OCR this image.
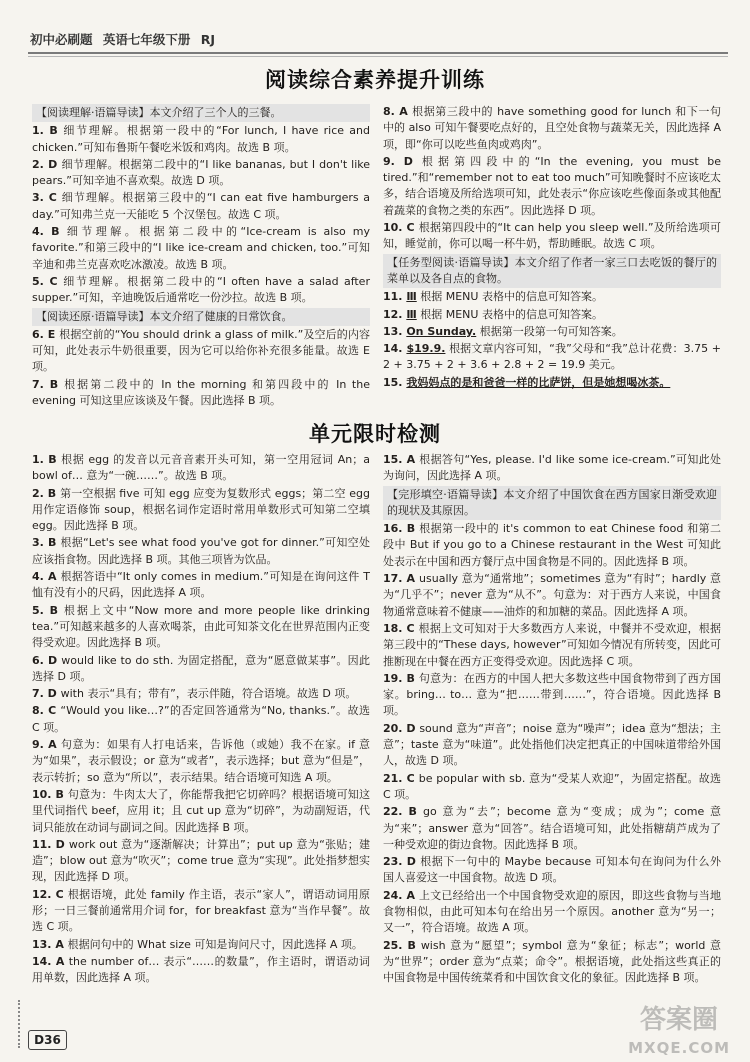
初中必刷题 英语七年级下册 RJ
阅读综合素养提升训练

【阅读理解·语篇导读】本文介绍了三个人的三餐。

1. B 细节理解。根据第一段中的“For lunch, I have rice and chicken.”可知布鲁斯午餐吃米饭和鸡肉。故选 B 项。

2. D 细节理解。根据第二段中的“I like bananas, but I don't like pears.”可知辛迪不喜欢梨。故选 D 项。

3. C 细节理解。根据第三段中的“I can eat five hamburgers a day.”可知弗兰克一天能吃 5 个汉堡包。故选 C 项。

4. B 细节理解。根据第二段中的“Ice-cream is also my favorite.”和第三段中的“I like ice-cream and chicken, too.”可知辛迪和弗兰克喜欢吃冰激凌。故选 B 项。

5. C 细节理解。根据第二段中的“I often have a salad after supper.”可知，辛迪晚饭后通常吃一份沙拉。故选 B 项。

【阅读还原·语篇导读】本文介绍了健康的日常饮食。

6. E 根据空前的“You should drink a glass of milk.”及空后的内容可知，此处表示牛奶很重要，因为它可以给你补充很多能量。故选 E 项。

7. B 根据第二段中的 In the morning 和第四段中的 In the evening 可知这里应该谈及午餐。因此选择 B 项。

8. A 根据第三段中的 have something good for lunch 和下一句中的 also 可知午餐要吃点好的，且空处食物与蔬菜无关，因此选择 A 项，即“你可以吃些鱼肉或鸡肉”。

9. D 根据第四段中的“In the evening, you must be tired.”和“remember not to eat too much”可知晚餐时不应该吃太多，结合语境及所给选项可知，此处表示“你应该吃些像面条或其他配着蔬菜的食物之类的东西”。因此选择 D 项。

10. C 根据第四段中的“It can help you sleep well.”及所给选项可知，睡觉前，你可以喝一杯牛奶，帮助睡眠。故选 C 项。

【任务型阅读·语篇导读】本文介绍了作者一家三口去吃饭的餐厅的菜单以及各自点的食物。

11. Ⅲ 根据 MENU 表格中的信息可知答案。

12. Ⅲ 根据 MENU 表格中的信息可知答案。

13. On Sunday. 根据第一段第一句可知答案。

14. $19.9. 根据文章内容可知，“我”父母和“我”总计花费：3.75 + 2 + 3.75 + 2 + 3.6 + 2.8 + 2 = 19.9 美元。

15. 我妈妈点的是和爸爸一样的比萨饼，但是她想喝冰茶。

单元限时检测

1. B 根据 egg 的发音以元音音素开头可知，第一空用冠词 An；a bowl of… 意为“一碗……”。故选 B 项。

2. B 第一空根据 five 可知 egg 应变为复数形式 eggs；第二空 egg 用作定语修饰 soup，根据名词作定语时常用单数形式可知第二空填 egg。因此选择 B 项。

3. B 根据“Let's see what food you've got for dinner.”可知空处应该指食物。因此选择 B 项。其他三项皆为饮品。

4. A 根据答语中“It only comes in medium.”可知是在询问这件 T 恤有没有小的尺码，因此选择 A 项。

5. B 根据上文中“Now more and more people like drinking tea.”可知越来越多的人喜欢喝茶，由此可知茶文化在世界范围内正变得受欢迎。因此选择 B 项。

6. D would like to do sth. 为固定搭配，意为“愿意做某事”。因此选择 D 项。

7. D with 表示“具有；带有”，表示伴随，符合语境。故选 D 项。

8. C “Would you like…?”的否定回答通常为“No, thanks.”。故选 C 项。

9. A 句意为：如果有人打电话来，告诉他（或她）我不在家。if 意为“如果”，表示假设；or 意为“或者”，表示选择；but 意为“但是”，表示转折；so 意为“所以”，表示结果。结合语境可知选 A 项。

10. B 句意为：牛肉太大了，你能帮我把它切碎吗？根据语境可知这里代词指代 beef，应用 it；且 cut up 意为“切碎”，为动副短语，代词只能放在动词与副词之间。因此选择 B 项。

11. D work out 意为“逐渐解决；计算出”；put up 意为“张贴；建造”；blow out 意为“吹灭”；come true 意为“实现”。此处指梦想实现，因此选择 D 项。

12. C 根据语境，此处 family 作主语，表示“家人”，谓语动词用原形；一日三餐前通常用介词 for，for breakfast 意为“当作早餐”。故选 C 项。

13. A 根据问句中的 What size 可知是询问尺寸，因此选择 A 项。

14. A the number of… 表示“……的数量”，作主语时，谓语动词用单数，因此选择 A 项。

15. A 根据答句“Yes, please. I'd like some ice-cream.”可知此处为询问，因此选择 A 项。

【完形填空·语篇导读】本文介绍了中国饮食在西方国家日渐受欢迎的现状及其原因。

16. B 根据第一段中的 it's common to eat Chinese food 和第二段中 But if you go to a Chinese restaurant in the West 可知此处表示在中国和西方餐厅点中国食物是不同的。因此选择 B 项。

17. A usually 意为“通常地”；sometimes 意为“有时”；hardly 意为“几乎不”；never 意为“从不”。句意为：对于西方人来说，中国食物通常意味着不健康——油炸的和加糖的菜品。因此选择 A 项。

18. C 根据上文可知对于大多数西方人来说，中餐并不受欢迎，根据第三段中的“These days, however”可知如今情况有所转变，因此可推断现在中餐在西方正变得受欢迎。因此选择 C 项。

19. B 句意为：在西方的中国人把大多数这些中国食物带到了西方国家。bring… to… 意为“把……带到……”，符合语境。因此选择 B 项。

20. D sound 意为“声音”；noise 意为“噪声”；idea 意为“想法；主意”；taste 意为“味道”。此处指他们决定把真正的中国味道带给外国人，故选 D 项。

21. C be popular with sb. 意为“受某人欢迎”，为固定搭配。故选 C 项。

22. B go 意为“去”；become 意为“变成；成为”；come 意为“来”；answer 意为“回答”。结合语境可知，此处指糖葫芦成为了一种受欢迎的街边食物。因此选择 B 项。

23. D 根据下一句中的 Maybe because 可知本句在询问为什么外国人喜爱这一中国食物。故选 D 项。

24. A 上文已经给出一个中国食物受欢迎的原因，即这些食物与当地食物相似，由此可知本句在给出另一个原因。another 意为“另一；又一”，符合语境。故选 A 项。

25. B wish 意为“愿望”；symbol 意为“象征；标志”；world 意为“世界”；order 意为“点菜；命令”。根据语境，此处指这些真正的中国食物是中国传统菜肴和中国饮食文化的象征。因此选择 B 项。

D36
答案圈
MXQE.COM
